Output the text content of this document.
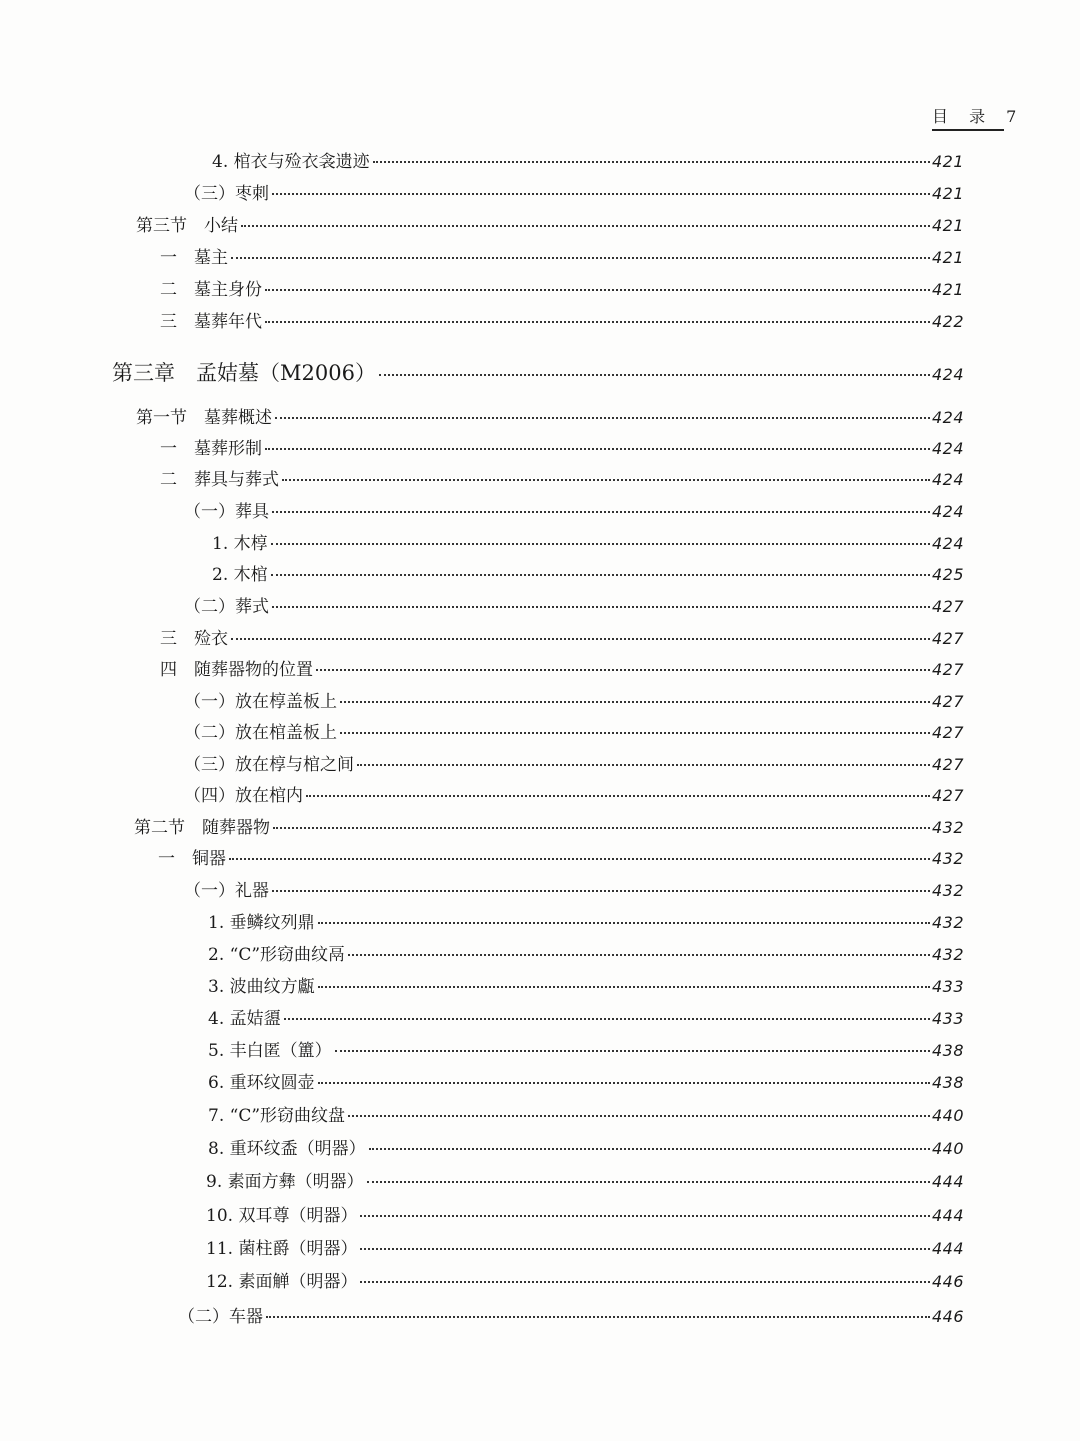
目 录 7
4. 棺衣与殓衣衾遗迹	421
（三）枣刺	421
第三节　小结	421
一　墓主	421
二　墓主身份	421
三　墓葬年代	422
第三章　孟姞墓（M2006）	424
第一节　墓葬概述	424
一　墓葬形制	424
二　葬具与葬式	424
（一）葬具	424
1. 木椁	424
2. 木棺	425
（二）葬式	427
三　殓衣	427
四　随葬器物的位置	427
（一）放在椁盖板上	427
（二）放在棺盖板上	427
（三）放在椁与棺之间	427
（四）放在棺内	427
第二节　随葬器物	432
一　铜器	432
（一）礼器	432
1. 垂鳞纹列鼎	432
2. “C”形窃曲纹鬲	432
3. 波曲纹方甗	433
4. 孟姞盨	433
5. 丰白匿（簠）	438
6. 重环纹圆壶	438
7. “C”形窃曲纹盘	440
8. 重环纹盉（明器）	440
9. 素面方彝（明器）	444
10. 双耳尊（明器）	444
11. 菌柱爵（明器）	444
12. 素面觯（明器）	446
（二）车器	446
